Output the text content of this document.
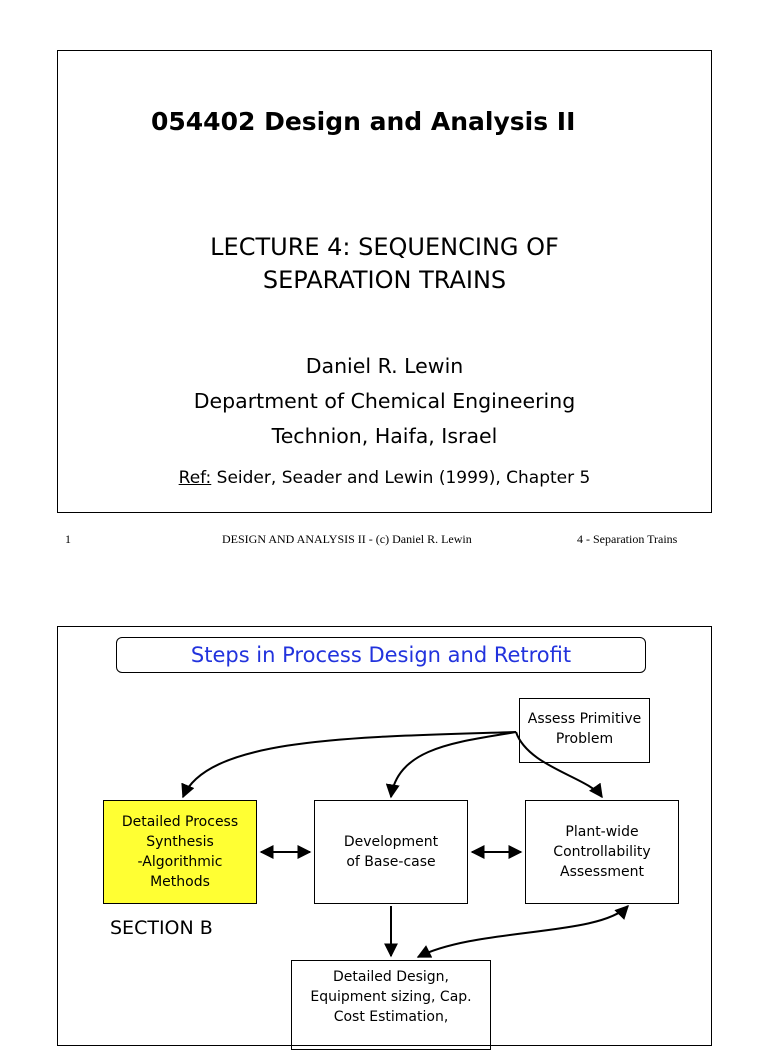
054402 Design and Analysis II
LECTURE 4: SEQUENCING OF
SEPARATION TRAINS
Daniel R. Lewin
Department of Chemical Engineering
Technion, Haifa, Israel
Ref: Seider, Seader and Lewin (1999), Chapter 5
1	DESIGN AND ANALYSIS II - (c) Daniel R. Lewin	4 - Separation Trains
Steps in Process Design and Retrofit
Assess Primitive
Problem
Detailed Process
Synthesis
-Algorithmic
Methods
Development
of Base-case
Plant-wide
Controllability
Assessment
SECTION B
Detailed Design,
Equipment sizing, Cap.
Cost Estimation,
